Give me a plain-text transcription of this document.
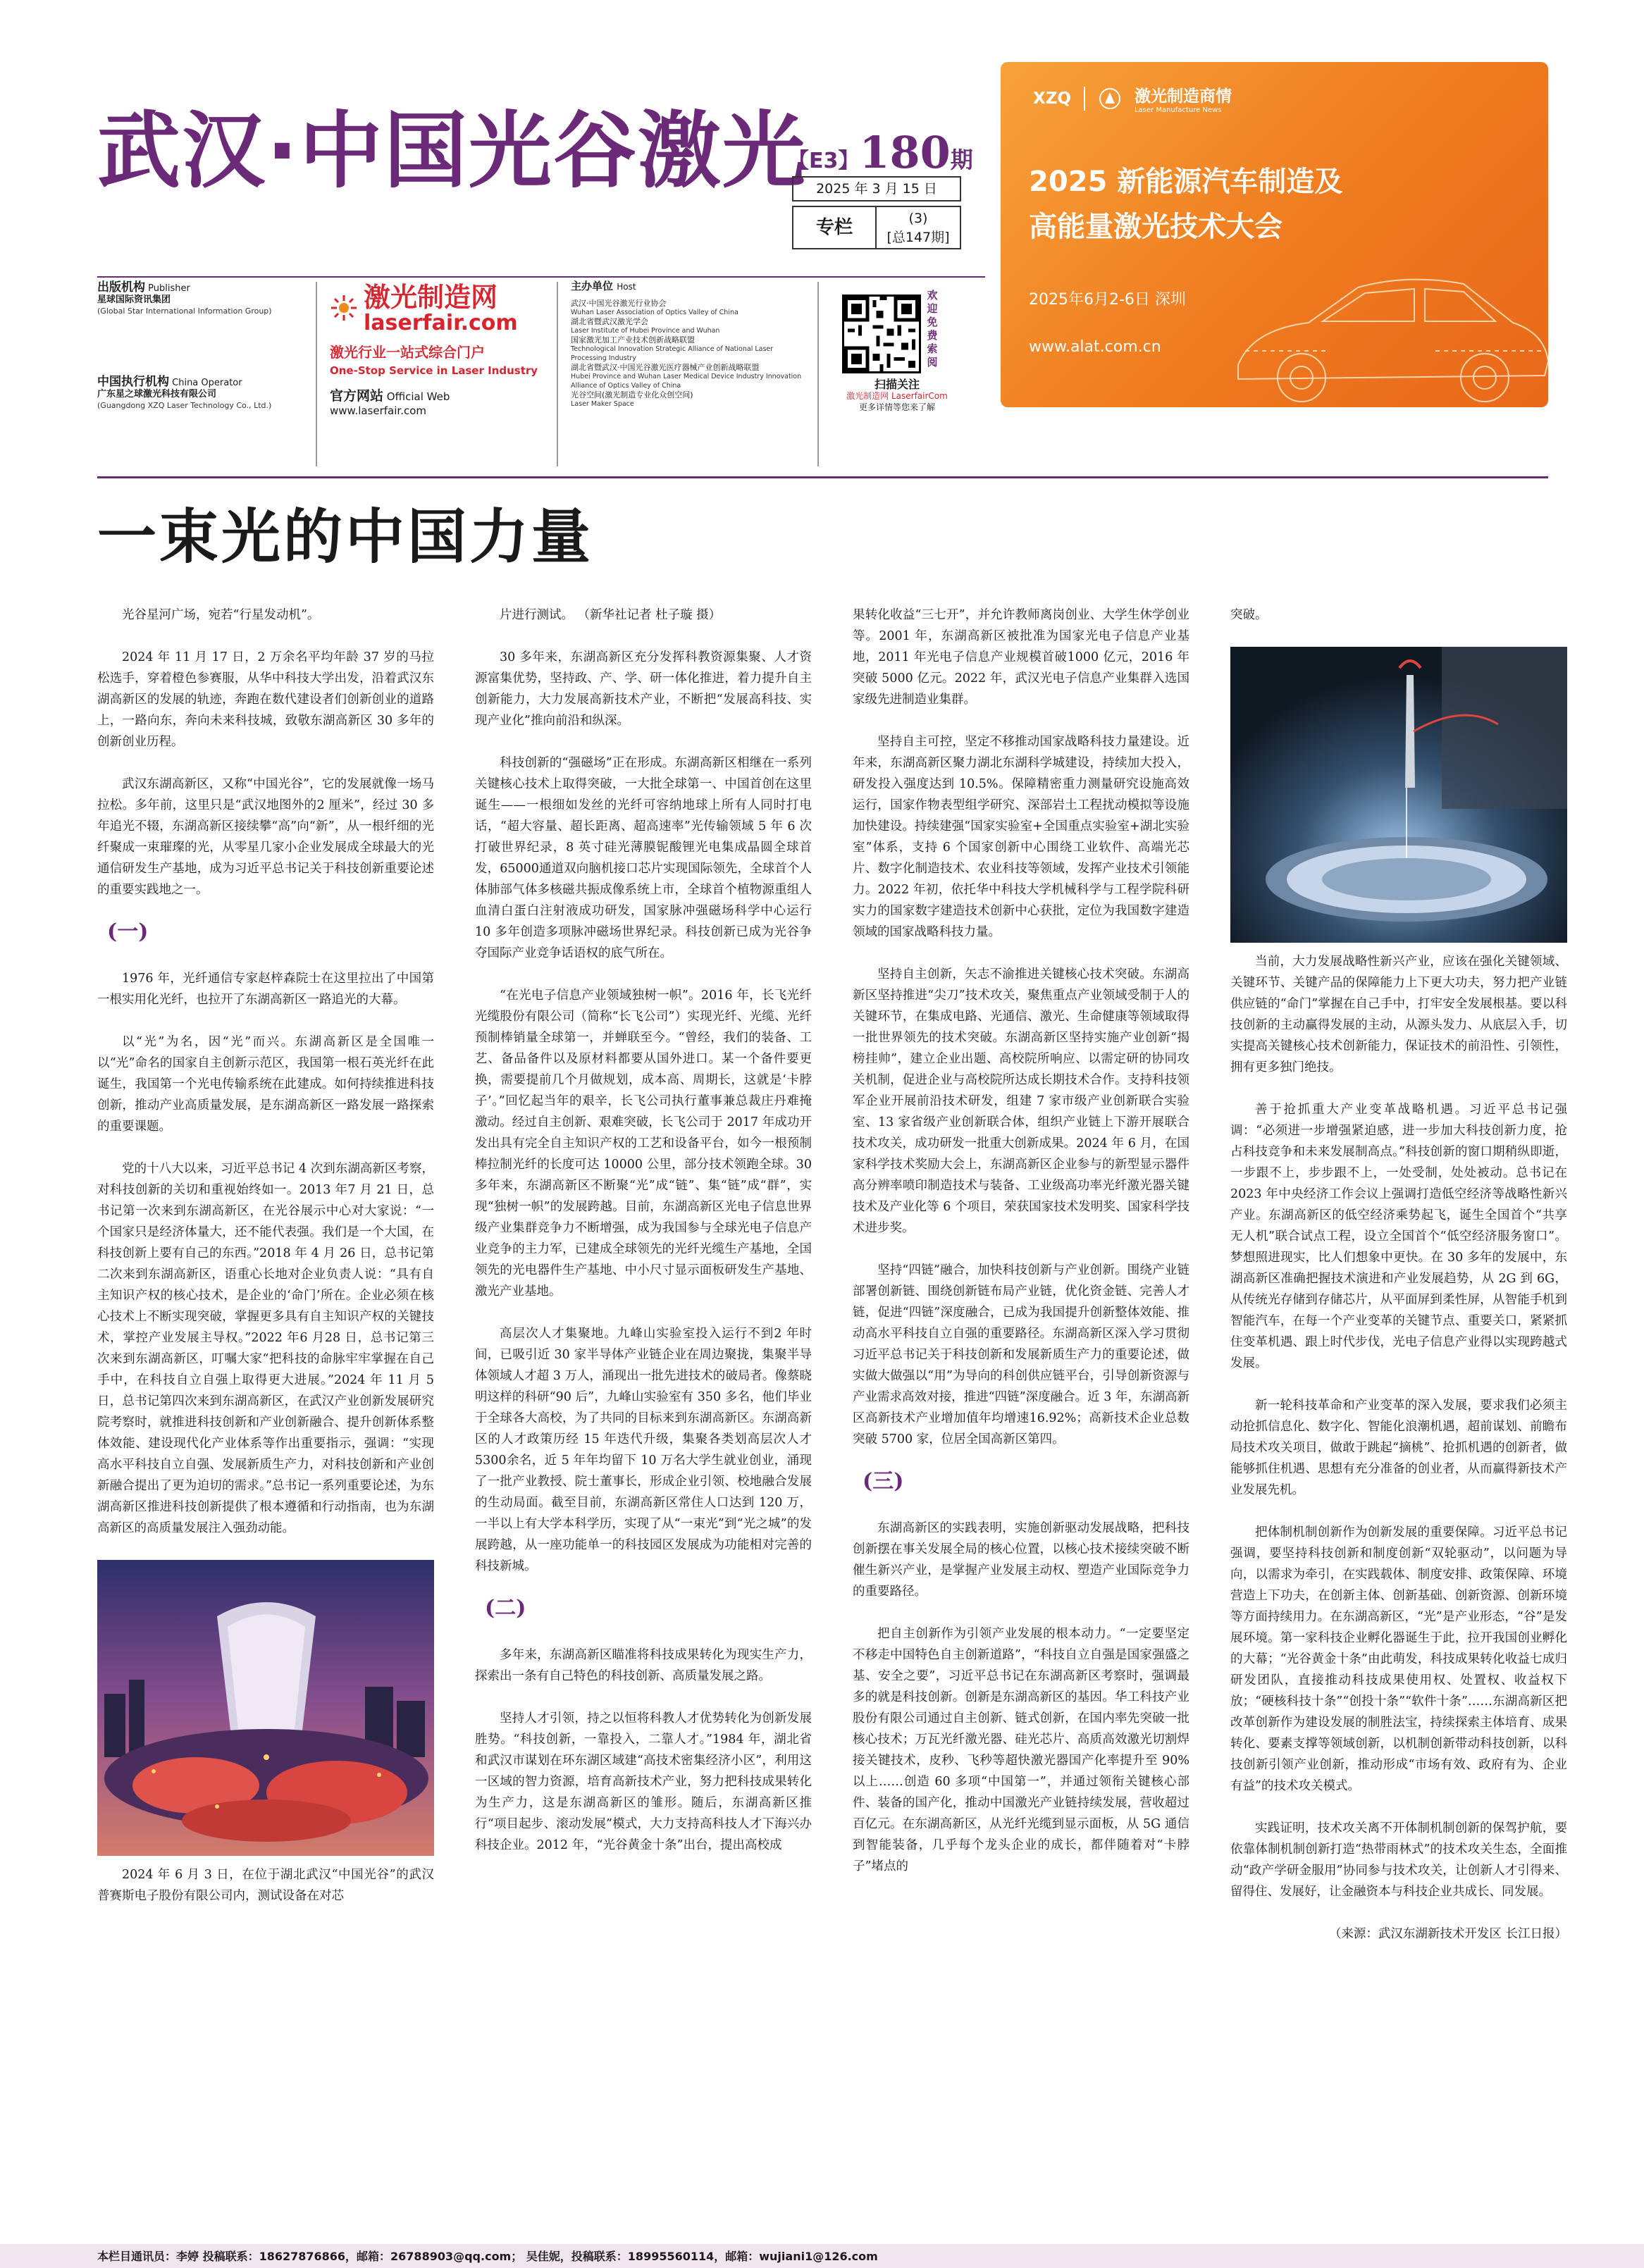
武汉·中国光谷激光
【E3】180期
2025 年 3 月 15 日
专栏	(3)
[总147期]
XZQ	激光制造商情
Laser Manufacture News
2025 新能源汽车制造及
高能量激光技术大会
2025年6月2-6日 深圳
www.alat.com.cn
出版机构 Publisher
星球国际资讯集团
(Global Star International Information Group)
中国执行机构 China Operator
广东星之球激光科技有限公司
(Guangdong XZQ Laser Technology Co., Ltd.)
激光制造网
laserfair.com
激光行业一站式综合门户
One-Stop Service in Laser Industry
官方网站 Official Web
www.laserfair.com
主办单位 Host
武汉·中国光谷激光行业协会
Wuhan Laser Association of Optics Valley of China
湖北省暨武汉激光学会
Laser Institute of Hubei Province and Wuhan
国家激光加工产业技术创新战略联盟
Technological Innovation Strategic Alliance of National Laser Processing Industry
湖北省暨武汉·中国光谷激光医疗器械产业创新战略联盟
Hubei Province and Wuhan Laser Medical Device Industry Innovation Alliance of Optics Valley of China
光谷空间(激光制造专业化众创空间)
Laser Maker Space
欢
迎
免
费
索
阅
扫描关注
激光制造网 LaserfairCom
更多详情等您来了解
一束光的中国力量

光谷星河广场，宛若“行星发动机”。

2024 年 11 月 17 日，2 万余名平均年龄 37 岁的马拉松选手，穿着橙色参赛服，从华中科技大学出发，沿着武汉东湖高新区的发展的轨迹，奔跑在数代建设者们创新创业的道路上，一路向东，奔向未来科技城，致敬东湖高新区 30 多年的创新创业历程。

武汉东湖高新区，又称“中国光谷”，它的发展就像一场马拉松。多年前，这里只是“武汉地图外的2 厘米”，经过 30 多年追光不辍，东湖高新区接续攀“高”向“新”，从一根纤细的光纤聚成一束璀璨的光，从零星几家小企业发展成全球最大的光通信研发生产基地，成为习近平总书记关于科技创新重要论述的重要实践地之一。

(一)

1976 年，光纤通信专家赵梓森院士在这里拉出了中国第一根实用化光纤，也拉开了东湖高新区一路追光的大幕。

以“光”为名，因“光”而兴。东湖高新区是全国唯一以“光”命名的国家自主创新示范区，我国第一根石英光纤在此诞生，我国第一个光电传输系统在此建成。如何持续推进科技创新，推动产业高质量发展，是东湖高新区一路发展一路探索的重要课题。

党的十八大以来，习近平总书记 4 次到东湖高新区考察，对科技创新的关切和重视始终如一。2013 年7 月 21 日，总书记第一次来到东湖高新区，在光谷展示中心对大家说：“一个国家只是经济体量大，还不能代表强。我们是一个大国，在科技创新上要有自己的东西。”2018 年 4 月 26 日，总书记第二次来到东湖高新区，语重心长地对企业负责人说：“具有自主知识产权的核心技术，是企业的‘命门’所在。企业必须在核心技术上不断实现突破，掌握更多具有自主知识产权的关键技术，掌控产业发展主导权。”2022 年6 月28 日，总书记第三次来到东湖高新区，叮嘱大家“把科技的命脉牢牢掌握在自己手中，在科技自立自强上取得更大进展。”2024 年 11 月 5 日，总书记第四次来到东湖高新区，在武汉产业创新发展研究院考察时，就推进科技创新和产业创新融合、提升创新体系整体效能、建设现代化产业体系等作出重要指示，强调：“实现高水平科技自立自强、发展新质生产力，对科技创新和产业创新融合提出了更为迫切的需求。”总书记一系列重要论述，为东湖高新区推进科技创新提供了根本遵循和行动指南，也为东湖高新区的高质量发展注入强劲动能。

2024 年 6 月 3 日，在位于湖北武汉“中国光谷”的武汉普赛斯电子股份有限公司内，测试设备在对芯

片进行测试。 （新华社记者 杜子璇 摄）

30 多年来，东湖高新区充分发挥科教资源集聚、人才资源富集优势，坚持政、产、学、研一体化推进，着力提升自主创新能力，大力发展高新技术产业，不断把“发展高科技、实现产业化”推向前沿和纵深。

科技创新的“强磁场”正在形成。东湖高新区相继在一系列关键核心技术上取得突破，一大批全球第一、中国首创在这里诞生——一根细如发丝的光纤可容纳地球上所有人同时打电话，“超大容量、超长距离、超高速率”光传输领域 5 年 6 次打破世界纪录，8 英寸硅光薄膜铌酸锂光电集成晶圆全球首发，65000通道双向脑机接口芯片实现国际领先，全球首个人体肺部气体多核磁共振成像系统上市，全球首个植物源重组人血清白蛋白注射液成功研发，国家脉冲强磁场科学中心运行 10 多年创造多项脉冲磁场世界纪录。科技创新已成为光谷争夺国际产业竞争话语权的底气所在。

“在光电子信息产业领域独树一帜”。2016 年，长飞光纤光缆股份有限公司（简称“长飞公司”）实现光纤、光缆、光纤预制棒销量全球第一，并蝉联至今。“曾经，我们的装备、工艺、备品备件以及原材料都要从国外进口。某一个备件要更换，需要提前几个月做规划，成本高、周期长，这就是‘卡脖子’。”回忆起当年的艰辛，长飞公司执行董事兼总裁庄丹难掩激动。经过自主创新、艰难突破，长飞公司于 2017 年成功开发出具有完全自主知识产权的工艺和设备平台，如今一根预制棒拉制光纤的长度可达 10000 公里，部分技术领跑全球。30 多年来，东湖高新区不断聚“光”成“链”、集“链”成“群”，实现“独树一帜”的发展跨越。目前，东湖高新区光电子信息世界级产业集群竞争力不断增强，成为我国参与全球光电子信息产业竞争的主力军，已建成全球领先的光纤光缆生产基地，全国领先的光电器件生产基地、中小尺寸显示面板研发生产基地、激光产业基地。

高层次人才集聚地。九峰山实验室投入运行不到2 年时间，已吸引近 30 家半导体产业链企业在周边聚拢，集聚半导体领域人才超 3 万人，涌现出一批先进技术的破局者。像蔡晓明这样的科研“90 后”，九峰山实验室有 350 多名，他们毕业于全球各大高校，为了共同的目标来到东湖高新区。东湖高新区的人才政策历经 15 年迭代升级，集聚各类划高层次人才 5300余名，近 5 年年均留下 10 万名大学生就业创业，涌现了一批产业教授、院士董事长，形成企业引领、校地融合发展的生动局面。截至目前，东湖高新区常住人口达到 120 万，一半以上有大学本科学历，实现了从“一束光”到“光之城”的发展跨越，从一座功能单一的科技园区发展成为功能相对完善的科技新城。

(二)

多年来，东湖高新区瞄准将科技成果转化为现实生产力，探索出一条有自己特色的科技创新、高质量发展之路。

坚持人才引领，持之以恒将科教人才优势转化为创新发展胜势。“科技创新，一靠投入，二靠人才。”1984 年，湖北省和武汉市谋划在环东湖区域建“高技术密集经济小区”，利用这一区域的智力资源，培育高新技术产业，努力把科技成果转化为生产力，这是东湖高新区的雏形。随后，东湖高新区推行“项目起步、滚动发展”模式，大力支持高科技人才下海兴办科技企业。2012 年，“光谷黄金十条”出台，提出高校成

果转化收益“三七开”，并允许教师离岗创业、大学生休学创业等。2001 年，东湖高新区被批准为国家光电子信息产业基地，2011 年光电子信息产业规模首破1000 亿元，2016 年突破 5000 亿元。2022 年，武汉光电子信息产业集群入选国家级先进制造业集群。

坚持自主可控，坚定不移推动国家战略科技力量建设。近年来，东湖高新区聚力湖北东湖科学城建设，持续加大投入，研发投入强度达到 10.5%。保障精密重力测量研究设施高效运行，国家作物表型组学研究、深部岩土工程扰动模拟等设施加快建设。持续建强“国家实验室+全国重点实验室+湖北实验室”体系，支持 6 个国家创新中心围绕工业软件、高端光芯片、数字化制造技术、农业科技等领域，发挥产业技术引领能力。2022 年初，依托华中科技大学机械科学与工程学院科研实力的国家数字建造技术创新中心获批，定位为我国数字建造领域的国家战略科技力量。

坚持自主创新，矢志不渝推进关键核心技术突破。东湖高新区坚持推进“尖刀”技术攻关，聚焦重点产业领域受制于人的关键环节，在集成电路、光通信、激光、生命健康等领域取得一批世界领先的技术突破。东湖高新区坚持实施产业创新“揭榜挂帅”，建立企业出题、高校院所响应、以需定研的协同攻关机制，促进企业与高校院所达成长期技术合作。支持科技领军企业开展前沿技术研发，组建 7 家市级产业创新联合实验室、13 家省级产业创新联合体，组织产业链上下游开展联合技术攻关，成功研发一批重大创新成果。2024 年 6 月，在国家科学技术奖励大会上，东湖高新区企业参与的新型显示器件高分辨率喷印制造技术与装备、工业级高功率光纤激光器关键技术及产业化等 6 个项目，荣获国家技术发明奖、国家科学技术进步奖。

坚持“四链”融合，加快科技创新与产业创新。围绕产业链部署创新链、围绕创新链布局产业链，优化资金链、完善人才链，促进“四链”深度融合，已成为我国提升创新整体效能、推动高水平科技自立自强的重要路径。东湖高新区深入学习贯彻习近平总书记关于科技创新和发展新质生产力的重要论述，做实做大做强以“用”为导向的科创供应链平台，引导创新资源与产业需求高效对接，推进“四链”深度融合。近 3 年，东湖高新区高新技术产业增加值年均增速16.92%；高新技术企业总数突破 5700 家，位居全国高新区第四。

(三)

东湖高新区的实践表明，实施创新驱动发展战略，把科技创新摆在事关发展全局的核心位置，以核心技术接续突破不断催生新兴产业，是掌握产业发展主动权、塑造产业国际竞争力的重要路径。

把自主创新作为引领产业发展的根本动力。“一定要坚定不移走中国特色自主创新道路”，“科技自立自强是国家强盛之基、安全之要”，习近平总书记在东湖高新区考察时，强调最多的就是科技创新。创新是东湖高新区的基因。华工科技产业股份有限公司通过自主创新、链式创新，在国内率先突破一批核心技术；万瓦光纤激光器、硅光芯片、高质高效激光切割焊接关键技术，皮秒、飞秒等超快激光器国产化率提升至 90% 以上……创造 60 多项“中国第一”，并通过领衔关键核心部件、装备的国产化，推动中国激光产业链持续发展，营收超过百亿元。在东湖高新区，从光纤光缆到显示面板，从 5G 通信到智能装备，几乎每个龙头企业的成长，都伴随着对“卡脖子”堵点的

突破。

当前，大力发展战略性新兴产业，应该在强化关键领域、关键环节、关键产品的保障能力上下更大功夫，努力把产业链供应链的“命门”掌握在自己手中，打牢安全发展根基。要以科技创新的主动赢得发展的主动，从源头发力、从底层入手，切实提高关键核心技术创新能力，保证技术的前沿性、引领性，拥有更多独门绝技。

善于抢抓重大产业变革战略机遇。习近平总书记强调：“必须进一步增强紧迫感，进一步加大科技创新力度，抢占科技竞争和未来发展制高点。”科技创新的窗口期稍纵即逝，一步跟不上，步步跟不上，一处受制，处处被动。总书记在 2023 年中央经济工作会议上强调打造低空经济等战略性新兴产业。东湖高新区的低空经济乘势起飞，诞生全国首个“共享无人机”联合试点工程，设立全国首个“低空经济服务窗口”。梦想照进现实，比人们想象中更快。在 30 多年的发展中，东湖高新区准确把握技术演进和产业发展趋势，从 2G 到 6G，从传统光存储到存储芯片，从平面屏到柔性屏，从智能手机到智能汽车，在每一个产业变革的关键节点、重要关口，紧紧抓住变革机遇、跟上时代步伐，光电子信息产业得以实现跨越式发展。

新一轮科技革命和产业变革的深入发展，要求我们必须主动抢抓信息化、数字化、智能化浪潮机遇，超前谋划、前瞻布局技术攻关项目，做敢于跳起“摘桃”、抢抓机遇的创新者，做能够抓住机遇、思想有充分准备的创业者，从而赢得新技术产业发展先机。

把体制机制创新作为创新发展的重要保障。习近平总书记强调，要坚持科技创新和制度创新“双轮驱动”，以问题为导向，以需求为牵引，在实践载体、制度安排、政策保障、环境营造上下功夫，在创新主体、创新基础、创新资源、创新环境等方面持续用力。在东湖高新区，“光”是产业形态，“谷”是发展环境。第一家科技企业孵化器诞生于此，拉开我国创业孵化的大幕；“光谷黄金十条”由此萌发，科技成果转化收益七成归研发团队，直接推动科技成果使用权、处置权、收益权下放；“硬核科技十条”“创投十条”“软件十条”……东湖高新区把改革创新作为建设发展的制胜法宝，持续探索主体培育、成果转化、要素支撑等领域创新，以机制创新带动科技创新，以科技创新引领产业创新，推动形成“市场有效、政府有为、企业有益”的技术攻关模式。

实践证明，技术攻关离不开体制机制创新的保驾护航，要依靠体制机制创新打造“热带雨林式”的技术攻关生态，全面推动“政产学研金服用”协同参与技术攻关，让创新人才引得来、留得住、发展好，让金融资本与科技企业共成长、同发展。

（来源：武汉东湖新技术开发区 长江日报）

本栏目通讯员：李婷 投稿联系：18627876866，邮箱：26788903@qq.com； 吴佳妮，投稿联系：18995560114，邮箱：wujiani1@126.com
